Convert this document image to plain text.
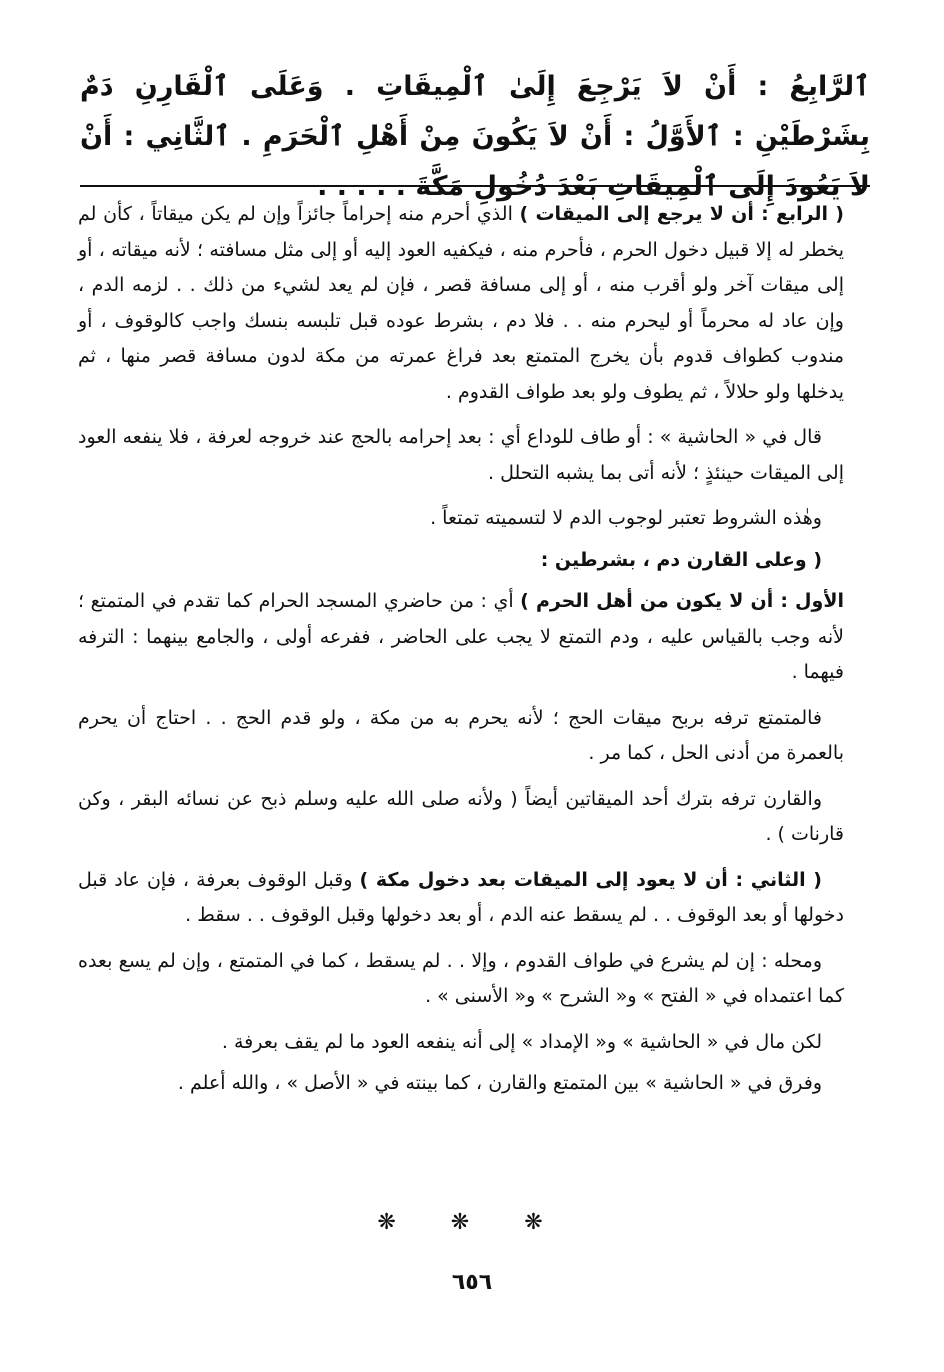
ٱلرَّابِعُ : أَنْ لاَ يَرْجِعَ إِلَىٰ ٱلْمِيقَاتِ . وَعَلَى ٱلْقَارِنِ دَمٌ بِشَرْطَيْنِ : ٱلأَوَّلُ : أَنْ لاَ يَكُونَ مِنْ أَهْلِ ٱلْحَرَمِ . ٱلثَّانِي : أَنْ لاَ يَعُودَ إِلَى ٱلْمِيقَاتِ بَعْدَ دُخُولِ مَكَّةَ . . . . .

( الرابع : أن لا يرجع إلى الميقات ) الذي أحرم منه إحراماً جائزاً وإن لم يكن ميقاتاً ، كأن لم يخطر له إلا قبيل دخول الحرم ، فأحرم منه ، فيكفيه العود إليه أو إلى مثل مسافته ؛ لأنه ميقاته ، أو إلى ميقات آخر ولو أقرب منه ، أو إلى مسافة قصر ، فإن لم يعد لشيء من ذلك . . لزمه الدم ، وإن عاد له محرماً أو ليحرم منه . . فلا دم ، بشرط عوده قبل تلبسه بنسك واجب كالوقوف ، أو مندوب كطواف قدوم بأن يخرج المتمتع بعد فراغ عمرته من مكة لدون مسافة قصر منها ، ثم يدخلها ولو حلالاً ، ثم يطوف ولو بعد طواف القدوم .

قال في « الحاشية » : أو طاف للوداع أي : بعد إحرامه بالحج عند خروجه لعرفة ، فلا ينفعه العود إلى الميقات حينئذٍ ؛ لأنه أتى بما يشبه التحلل .

وهٰذه الشروط تعتبر لوجوب الدم لا لتسميته تمتعاً .

( وعلى القارن دم ، بشرطين :

الأول : أن لا يكون من أهل الحرم ) أي : من حاضري المسجد الحرام كما تقدم في المتمتع ؛ لأنه وجب بالقياس عليه ، ودم التمتع لا يجب على الحاضر ، ففرعه أولى ، والجامع بينهما : الترفه فيهما .

فالمتمتع ترفه بربح ميقات الحج ؛ لأنه يحرم به من مكة ، ولو قدم الحج . . احتاج أن يحرم بالعمرة من أدنى الحل ، كما مر .

والقارن ترفه بترك أحد الميقاتين أيضاً ( ولأنه صلى الله عليه وسلم ذبح عن نسائه البقر ، وكن قارنات ) .

( الثاني : أن لا يعود إلى الميقات بعد دخول مكة ) وقبل الوقوف بعرفة ، فإن عاد قبل دخولها أو بعد الوقوف . . لم يسقط عنه الدم ، أو بعد دخولها وقبل الوقوف . . سقط .

ومحله : إن لم يشرع في طواف القدوم ، وإلا . . لم يسقط ، كما في المتمتع ، وإن لم يسع بعده كما اعتمداه في « الفتح » و« الشرح » و« الأسنى » .

لكن مال في « الحاشية » و« الإمداد » إلى أنه ينفعه العود ما لم يقف بعرفة .

وفرق في « الحاشية » بين المتمتع والقارن ، كما بينته في « الأصل » ، والله أعلم .

❋ ❋ ❋
٦٥٦
